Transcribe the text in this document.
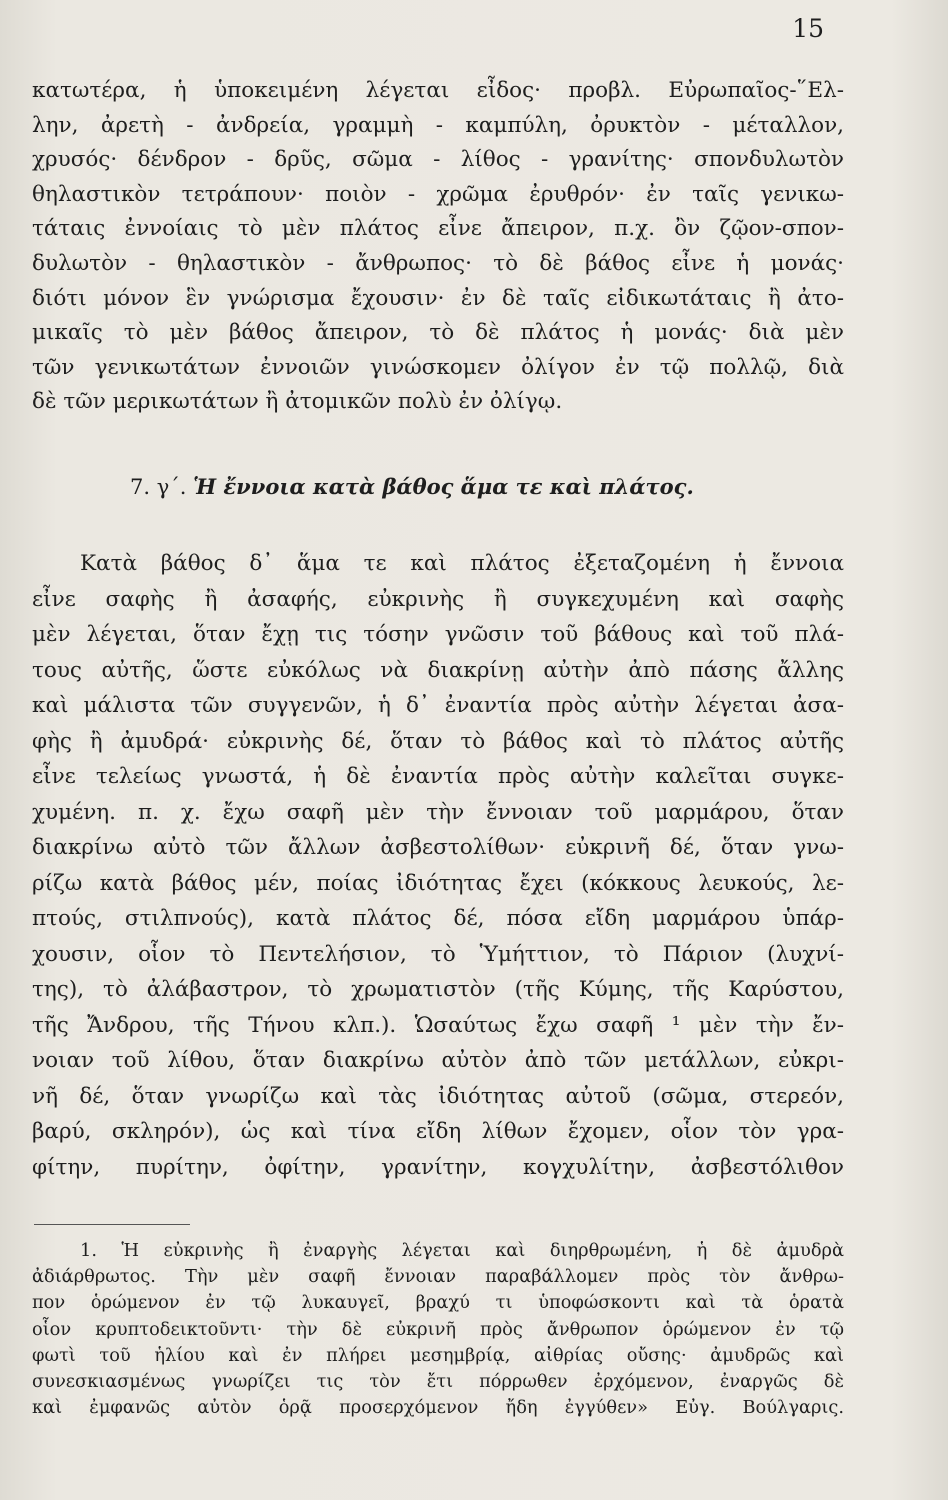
15
κατωτέρα, ἡ ὑποκειμένη λέγεται εἶδος· προβλ. Εὐρωπαῖος-῞Ελ-
λην, ἀρετὴ - ἀνδρεία, γραμμὴ - καμπύλη, ὀρυκτὸν - μέταλλον,
χρυσός· δένδρον - δρῦς, σῶμα - λίθος - γρανίτης· σπονδυλωτὸν
θηλαστικὸν τετράπουν· ποιὸν - χρῶμα ἐρυθρόν· ἐν ταῖς γενικω-
τάταις ἐννοίαις τὸ μὲν πλάτος εἶνε ἄπειρον, π.χ. ὂν ζῷον-σπον-
δυλωτὸν - θηλαστικὸν - ἄνθρωπος· τὸ δὲ βάθος εἶνε ἡ μονάς·
διότι μόνον ἓν γνώρισμα ἔχουσιν· ἐν δὲ ταῖς εἰδικωτάταις ἢ ἀτο-
μικαῖς τὸ μὲν βάθος ἄπειρον, τὸ δὲ πλάτος ἡ μονάς· διὰ μὲν
τῶν γενικωτάτων ἐννοιῶν γινώσκομεν ὀλίγον ἐν τῷ πολλῷ, διὰ
δὲ τῶν μερικωτάτων ἢ ἀτομικῶν πολὺ ἐν ὀλίγῳ.
7. γ΄. Ἡ ἔννοια κατὰ βάθος ἅμα τε καὶ πλάτος.
Κατὰ βάθος δ᾽ ἅμα τε καὶ πλάτος ἐξεταζομένη ἡ ἔννοια
εἶνε σαφὴς ἢ ἀσαφής, εὐκρινὴς ἢ συγκεχυμένη καὶ σαφὴς
μὲν λέγεται, ὅταν ἔχῃ τις τόσην γνῶσιν τοῦ βάθους καὶ τοῦ πλά-
τους αὐτῆς, ὥστε εὐκόλως νὰ διακρίνῃ αὐτὴν ἀπὸ πάσης ἄλλης
καὶ μάλιστα τῶν συγγενῶν, ἡ δ᾽ ἐναντία πρὸς αὐτὴν λέγεται ἀσα-
φὴς ἢ ἀμυδρά· εὐκρινὴς δέ, ὅταν τὸ βάθος καὶ τὸ πλάτος αὐτῆς
εἶνε τελείως γνωστά, ἡ δὲ ἐναντία πρὸς αὐτὴν καλεῖται συγκε-
χυμένη. π. χ. ἔχω σαφῆ μὲν τὴν ἔννοιαν τοῦ μαρμάρου, ὅταν
διακρίνω αὐτὸ τῶν ἄλλων ἀσβεστολίθων· εὐκρινῆ δέ, ὅταν γνω-
ρίζω κατὰ βάθος μέν, ποίας ἰδιότητας ἔχει (κόκκους λευκούς, λε-
πτούς, στιλπνούς), κατὰ πλάτος δέ, πόσα εἴδη μαρμάρου ὑπάρ-
χουσιν, οἷον τὸ Πεντελήσιον, τὸ Ὑμήττιον, τὸ Πάριον (λυχνί-
της), τὸ ἀλάβαστρον, τὸ χρωματιστὸν (τῆς Κύμης, τῆς Καρύστου,
τῆς Ἄνδρου, τῆς Τήνου κλπ.). Ὡσαύτως ἔχω σαφῆ ¹ μὲν τὴν ἔν-
νοιαν τοῦ λίθου, ὅταν διακρίνω αὐτὸν ἀπὸ τῶν μετάλλων, εὐκρι-
νῆ δέ, ὅταν γνωρίζω καὶ τὰς ἰδιότητας αὐτοῦ (σῶμα, στερεόν,
βαρύ, σκληρόν), ὡς καὶ τίνα εἴδη λίθων ἔχομεν, οἷον τὸν γρα-
φίτην, πυρίτην, ὀφίτην, γρανίτην, κογχυλίτην, ἀσβεστόλιθον
1. Ἡ εὐκρινὴς ἢ ἐναργὴς λέγεται καὶ διηρθρωμένη, ἡ δὲ ἀμυδρὰ
ἀδιάρθρωτος. Τὴν μὲν σαφῆ ἔννοιαν παραβάλλομεν πρὸς τὸν ἄνθρω-
πον ὁρώμενον ἐν τῷ λυκαυγεῖ, βραχύ τι ὑποφώσκοντι καὶ τὰ ὁρατὰ
οἷον κρυπτοδεικτοῦντι· τὴν δὲ εὐκρινῆ πρὸς ἄνθρωπον ὁρώμενον ἐν τῷ
φωτὶ τοῦ ἡλίου καὶ ἐν πλήρει μεσημβρίᾳ, αἰθρίας οὔσης· ἀμυδρῶς καὶ
συνεσκιασμένως γνωρίζει τις τὸν ἔτι πόρρωθεν ἐρχόμενον, ἐναργῶς δὲ
καὶ ἐμφανῶς αὐτὸν ὁρᾷ προσερχόμενον ἤδη ἐγγύθεν» Εὐγ. Βούλγαρις.
